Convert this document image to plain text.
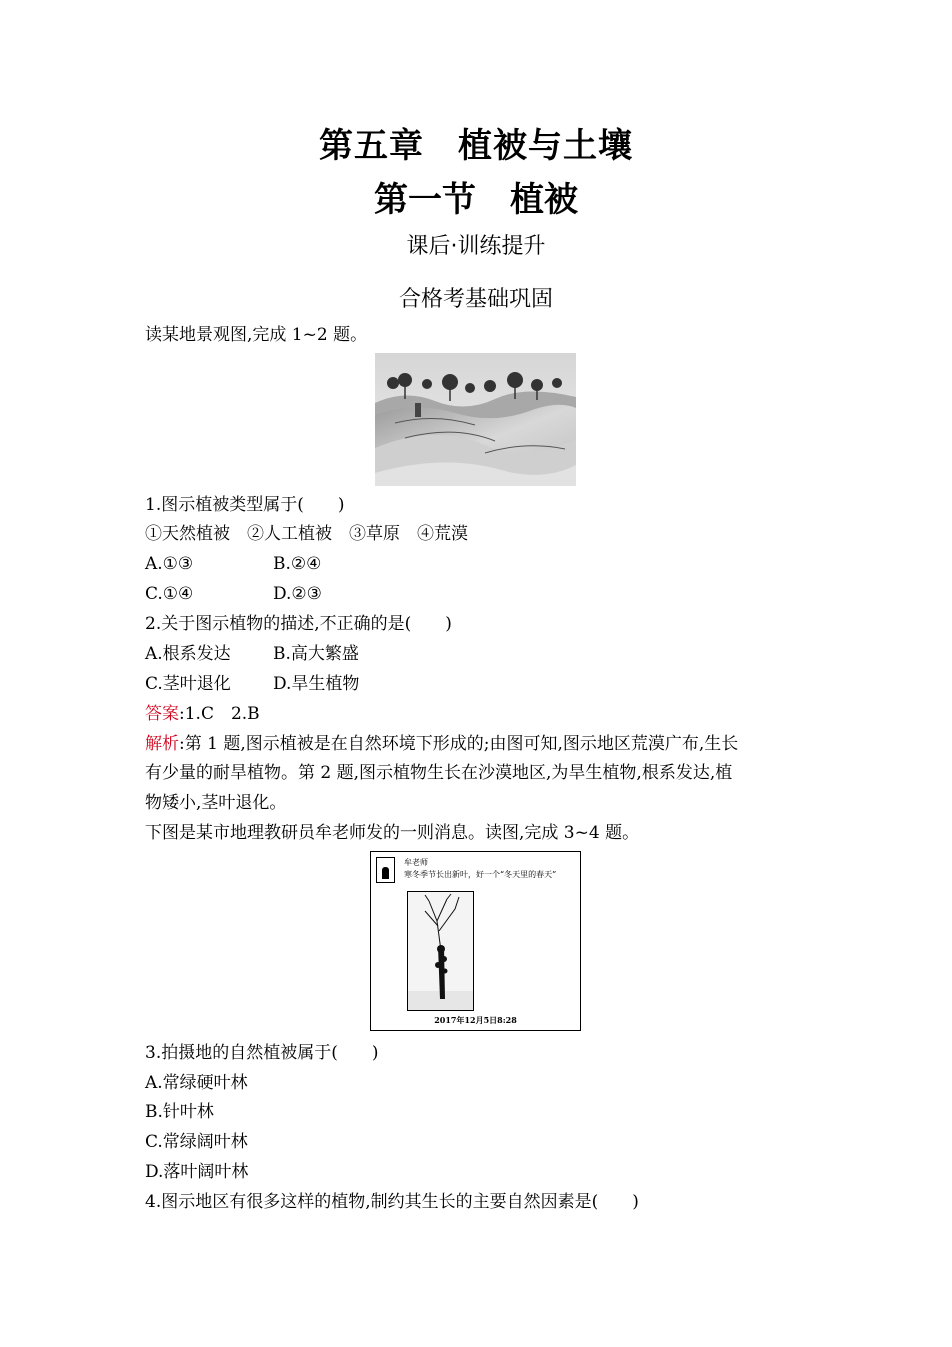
第五章 植被与土壤
第一节 植被
课后·训练提升
合格考基础巩固
读某地景观图,完成 1~2 题。
1.图示植被类型属于(　　)
①天然植被　②人工植被　③草原　④荒漠
A.①③	B.②④
C.①④	D.②③
2.关于图示植物的描述,不正确的是(　　)
A.根系发达 B.高大繁盛
C.茎叶退化 D.旱生植物
答案:1.C　2.B
解析:第 1 题,图示植被是在自然环境下形成的;由图可知,图示地区荒漠广布,生长
有少量的耐旱植物。第 2 题,图示植物生长在沙漠地区,为旱生植物,根系发达,植
物矮小,茎叶退化。
下图是某市地理教研员牟老师发的一则消息。读图,完成 3~4 题。
牟老师
寒冬季节长出新叶，好一个“冬天里的春天”
2017年12月5日8:28
3.拍摄地的自然植被属于(　　)
A.常绿硬叶林
B.针叶林
C.常绿阔叶林
D.落叶阔叶林
4.图示地区有很多这样的植物,制约其生长的主要自然因素是(　　)
